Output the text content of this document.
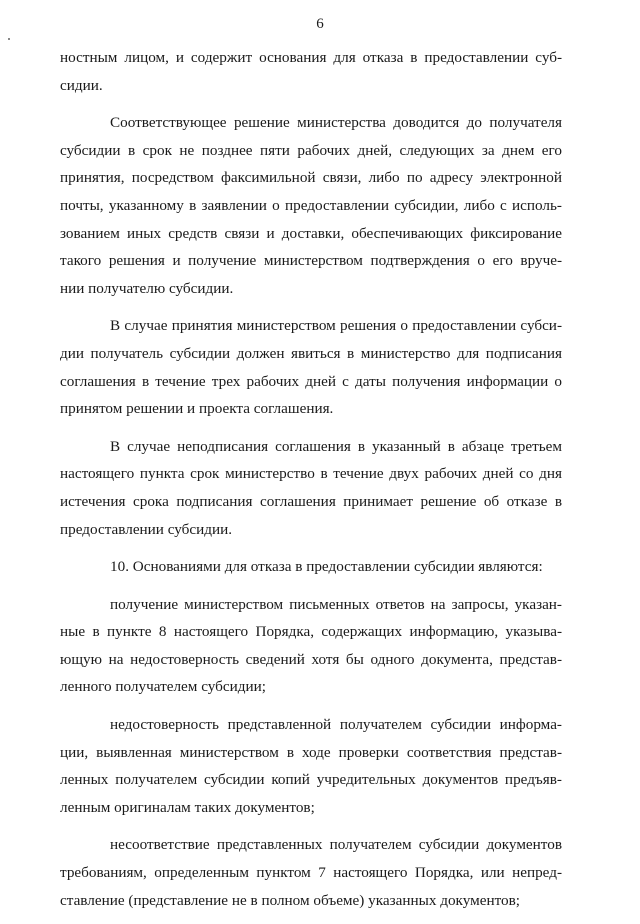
6
ностным лицом, и содержит основания для отказа в предоставлении суб-
сидии.
Соответствующее решение министерства доводится до получателя
субсидии в срок не позднее пяти рабочих дней, следующих за днем его
принятия, посредством факсимильной связи, либо по адресу электронной
почты, указанному в заявлении о предоставлении субсидии, либо с исполь-
зованием иных средств связи и доставки, обеспечивающих фиксирование
такого решения и получение министерством подтверждения о его вруче-
нии получателю субсидии.
В случае принятия министерством решения о предоставлении субси-
дии получатель субсидии должен явиться в министерство для подписания
соглашения в течение трех рабочих дней с даты получения информации о
принятом решении и проекта соглашения.
В случае неподписания соглашения в указанный в абзаце третьем
настоящего пункта срок министерство в течение двух рабочих дней со дня
истечения срока подписания соглашения принимает решение об отказе в
предоставлении субсидии.
10. Основаниями для отказа в предоставлении субсидии являются:
получение министерством письменных ответов на запросы, указан-
ные в пункте 8 настоящего Порядка, содержащих информацию, указыва-
ющую на недостоверность сведений хотя бы одного документа, представ-
ленного получателем субсидии;
недостоверность представленной получателем субсидии информа-
ции, выявленная министерством в ходе проверки соответствия представ-
ленных получателем субсидии копий учредительных документов предъяв-
ленным оригиналам таких документов;
несоответствие представленных получателем субсидии документов
требованиям, определенным пунктом 7 настоящего Порядка, или непред-
ставление (представление не в полном объеме) указанных документов;
